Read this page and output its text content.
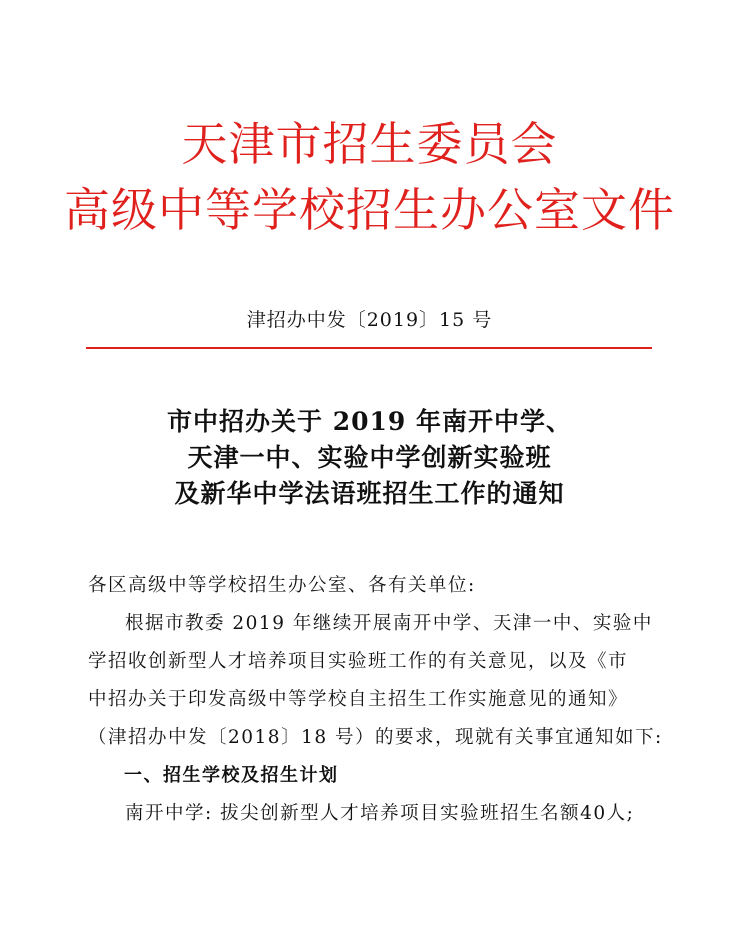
天津市招生委员会
高级中等学校招生办公室文件
津招办中发〔2019〕15 号
市中招办关于 2019 年南开中学、
天津一中、实验中学创新实验班
及新华中学法语班招生工作的通知

各区高级中等学校招生办公室、各有关单位:

根据市教委 2019 年继续开展南开中学、天津一中、实验中

学招收创新型人才培养项目实验班工作的有关意见，以及《市

中招办关于印发高级中等学校自主招生工作实施意见的通知》

（津招办中发〔2018〕18 号）的要求，现就有关事宜通知如下:

一、招生学校及招生计划

南开中学: 拔尖创新型人才培养项目实验班招生名额40人;
